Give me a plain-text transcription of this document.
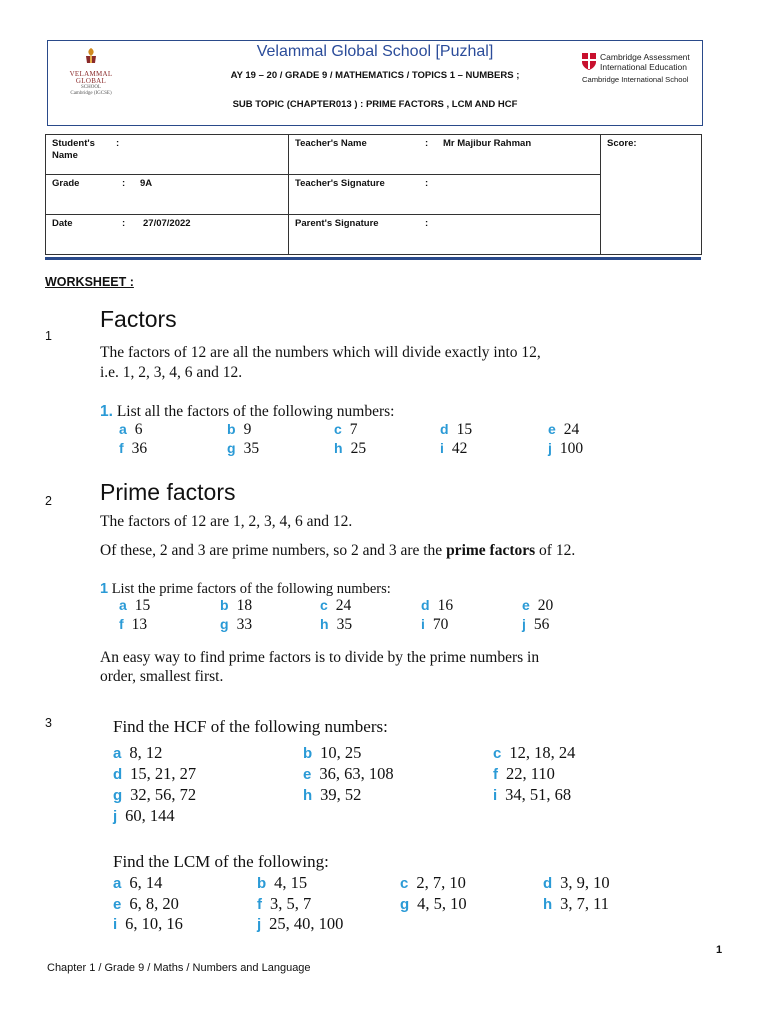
VELAMMAL
GLOBAL
SCHOOL
Cambridge (IGCSE)
Velammal Global School [Puzhal]
AY 19 – 20 / GRADE 9 / MATHEMATICS / TOPICS 1 – NUMBERS ;
SUB TOPIC (CHAPTER013 ) : PRIME FACTORS , LCM AND HCF
Cambridge Assessment
International Education
Cambridge International School
Student's Name:	Teacher's Name : Mr Majibur Rahman	Score:
Grade : 9A	Teacher's Signature :	
Date : 27/07/2022	Parent's Signature :	
WORKSHEET :
1
Factors
The factors of 12 are all the numbers which will divide exactly into 12,
i.e. 1, 2, 3, 4, 6 and 12.
1. List all the factors of the following numbers:
a 6	b 9	c 7	d 15	e 24
f 36	g 35	h 25	i 42	j 100
2 Prime factors
The factors of 12 are 1, 2, 3, 4, 6 and 12.
Of these, 2 and 3 are prime numbers, so 2 and 3 are the prime factors of 12.
1 List the prime factors of the following numbers:
a 15	b 18	c 24	d 16	e 20
f 13	g 33	h 35	i 70	j 56
An easy way to find prime factors is to divide by the prime numbers in
order, smallest first.
3	Find the HCF of the following numbers:
a 8, 12	b 10, 25	c 12, 18, 24
d 15, 21, 27	e 36, 63, 108	f 22, 110
g 32, 56, 72	h 39, 52	i 34, 51, 68
j 60, 144
Find the LCM of the following:
a 6, 14	b 4, 15	c 2, 7, 10	d 3, 9, 10
e 6, 8, 20	f 3, 5, 7	g 4, 5, 10	h 3, 7, 11
i 6, 10, 16	j 25, 40, 100
1
Chapter 1 / Grade 9 / Maths / Numbers and Language
